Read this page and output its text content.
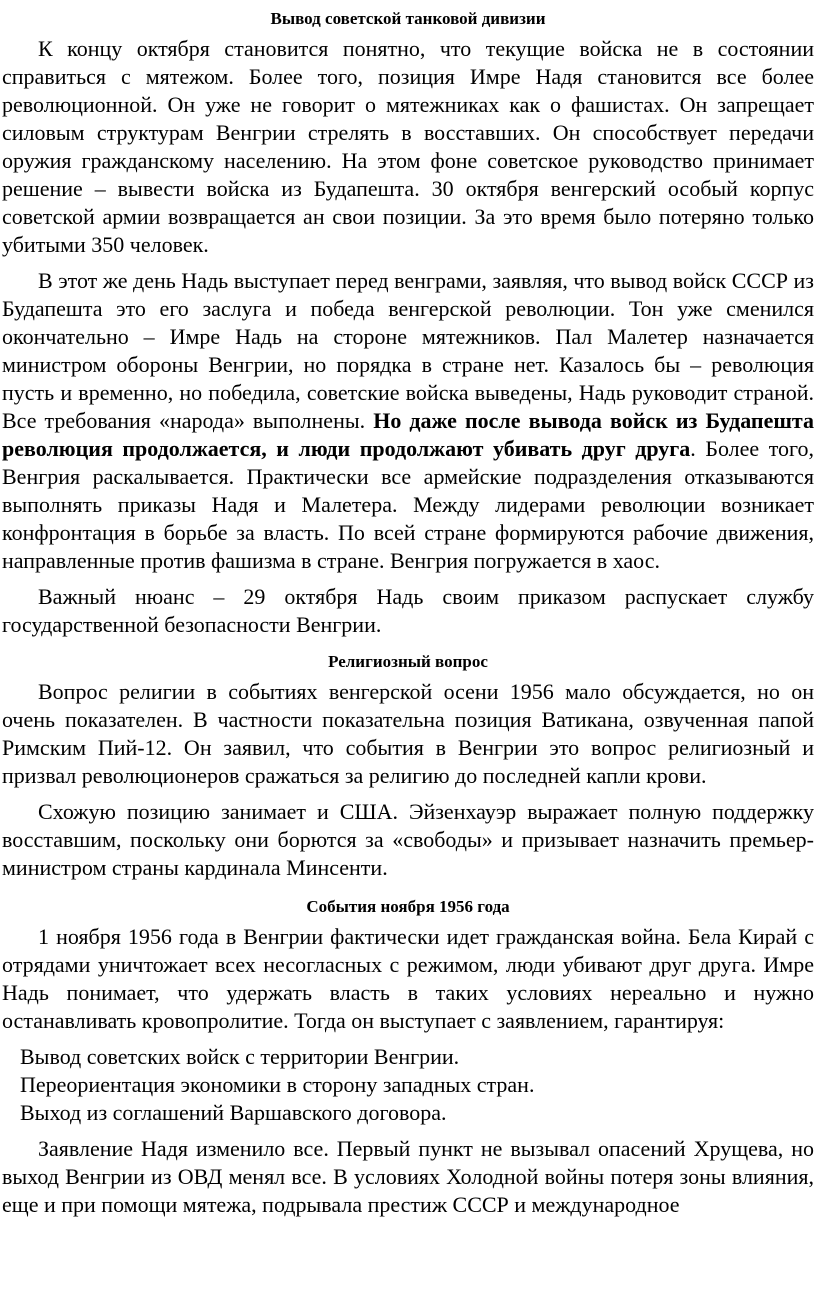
Вывод советской танковой дивизии

К концу октября становится понятно, что текущие войска не в состоянии справиться с мятежом. Более того, позиция Имре Надя становится все более революционной. Он уже не говорит о мятежниках как о фашистах. Он запрещает силовым структурам Венгрии стрелять в восставших. Он способствует передачи оружия гражданскому населению. На этом фоне советское руководство принимает решение – вывести войска из Будапешта. 30 октября венгерский особый корпус советской армии возвращается ан свои позиции. За это время было потеряно только убитыми 350 человек.

В этот же день Надь выступает перед венграми, заявляя, что вывод войск СССР из Будапешта это его заслуга и победа венгерской революции. Тон уже сменился окончательно – Имре Надь на стороне мятежников. Пал Малетер назначается министром обороны Венгрии, но порядка в стране нет. Казалось бы – революция пусть и временно, но победила, советские войска выведены, Надь руководит страной. Все требования «народа» выполнены. Но даже после вывода войск из Будапешта революция продолжается, и люди продолжают убивать друг друга. Более того, Венгрия раскалывается. Практически все армейские подразделения отказываются выполнять приказы Надя и Малетера. Между лидерами революции возникает конфронтация в борьбе за власть. По всей стране формируются рабочие движения, направленные против фашизма в стране. Венгрия погружается в хаос.

Важный нюанс – 29 октября Надь своим приказом распускает службу государственной безопасности Венгрии.

Религиозный вопрос

Вопрос религии в событиях венгерской осени 1956 мало обсуждается, но он очень показателен. В частности показательна позиция Ватикана, озвученная папой Римским Пий-12. Он заявил, что события в Венгрии это вопрос религиозный и призвал революционеров сражаться за религию до последней капли крови.

Схожую позицию занимает и США. Эйзенхауэр выражает полную поддержку восставшим, поскольку они борются за «свободы» и призывает назначить премьер-министром страны кардинала Минсенти.

События ноября 1956 года

1 ноября 1956 года в Венгрии фактически идет гражданская война. Бела Кирай с отрядами уничтожает всех несогласных с режимом, люди убивают друг друга. Имре Надь понимает, что удержать власть в таких условиях нереально и нужно останавливать кровопролитие. Тогда он выступает с заявлением, гарантируя:

Вывод советских войск с территории Венгрии.
Переориентация экономики в сторону западных стран.
Выход из соглашений Варшавского договора.

Заявление Надя изменило все. Первый пункт не вызывал опасений Хрущева, но выход Венгрии из ОВД менял все. В условиях Холодной войны потеря зоны влияния, еще и при помощи мятежа, подрывала престиж СССР и международное
